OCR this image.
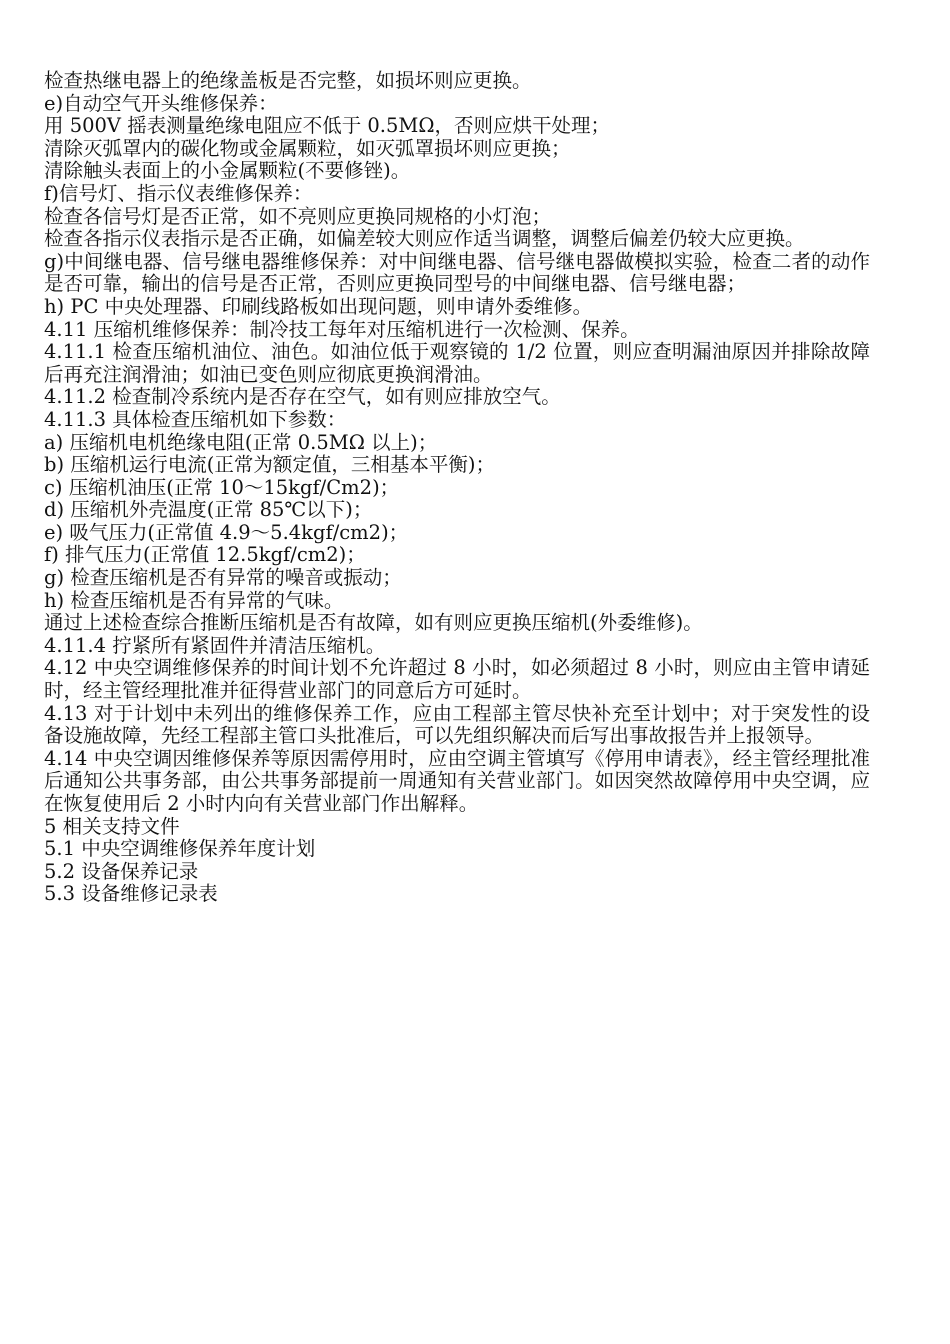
检查热继电器上的绝缘盖板是否完整，如损坏则应更换。

e)自动空气开头维修保养：

用 500V 摇表测量绝缘电阻应不低于 0.5MΩ，否则应烘干处理；

清除灭弧罩内的碳化物或金属颗粒，如灭弧罩损坏则应更换；

清除触头表面上的小金属颗粒(不要修锉)。

f)信号灯、指示仪表维修保养：

检查各信号灯是否正常，如不亮则应更换同规格的小灯泡；

检查各指示仪表指示是否正确，如偏差较大则应作适当调整，调整后偏差仍较大应更换。

g)中间继电器、信号继电器维修保养：对中间继电器、信号继电器做模拟实验，检查二者的动作是否可靠，输出的信号是否正常，否则应更换同型号的中间继电器、信号继电器；

h) PC 中央处理器、印刷线路板如出现问题，则申请外委维修。

4.11 压缩机维修保养：制冷技工每年对压缩机进行一次检测、保养。

4.11.1 检查压缩机油位、油色。如油位低于观察镜的 1/2 位置，则应查明漏油原因并排除故障后再充注润滑油；如油已变色则应彻底更换润滑油。

4.11.2 检查制冷系统内是否存在空气，如有则应排放空气。

4.11.3 具体检查压缩机如下参数：

a) 压缩机电机绝缘电阻(正常 0.5MΩ 以上)；

b) 压缩机运行电流(正常为额定值，三相基本平衡)；

c) 压缩机油压(正常 10～15kgf/Cm2)；

d) 压缩机外壳温度(正常 85℃以下)；

e) 吸气压力(正常值 4.9～5.4kgf/cm2)；

f) 排气压力(正常值 12.5kgf/cm2)；

g) 检查压缩机是否有异常的噪音或振动；

h) 检查压缩机是否有异常的气味。

通过上述检查综合推断压缩机是否有故障，如有则应更换压缩机(外委维修)。

4.11.4 拧紧所有紧固件并清洁压缩机。

4.12 中央空调维修保养的时间计划不允许超过 8 小时，如必须超过 8 小时，则应由主管申请延时，经主管经理批准并征得营业部门的同意后方可延时。

4.13 对于计划中未列出的维修保养工作，应由工程部主管尽快补充至计划中；对于突发性的设备设施故障，先经工程部主管口头批准后，可以先组织解决而后写出事故报告并上报领导。

4.14 中央空调因维修保养等原因需停用时，应由空调主管填写《停用申请表》，经主管经理批准后通知公共事务部，由公共事务部提前一周通知有关营业部门。如因突然故障停用中央空调，应在恢复使用后 2 小时内向有关营业部门作出解释。

5 相关支持文件

5.1 中央空调维修保养年度计划

5.2 设备保养记录

5.3 设备维修记录表
